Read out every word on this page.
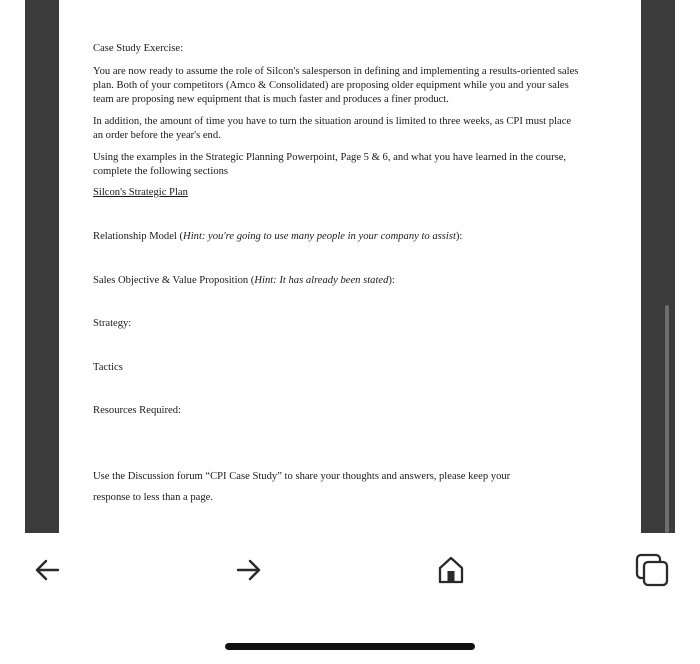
Case Study Exercise:

You are now ready to assume the role of Silcon's salesperson in defining and implementing a results-oriented sales plan. Both of your competitors (Amco & Consolidated) are proposing older equipment while you and your sales team are proposing new equipment that is much faster and produces a finer product.

In addition, the amount of time you have to turn the situation around is limited to three weeks, as CPI must place an order before the year's end.

Using the examples in the Strategic Planning Powerpoint, Page 5 & 6, and what you have learned in the course, complete the following sections

Silcon's Strategic Plan

Relationship Model (Hint: you're going to use many people in your company to assist):

Sales Objective & Value Proposition (Hint: It has already been stated):

Strategy:

Tactics

Resources Required:

Use the Discussion forum “CPI Case Study” to share your thoughts and answers, please keep your

response to less than a page.
